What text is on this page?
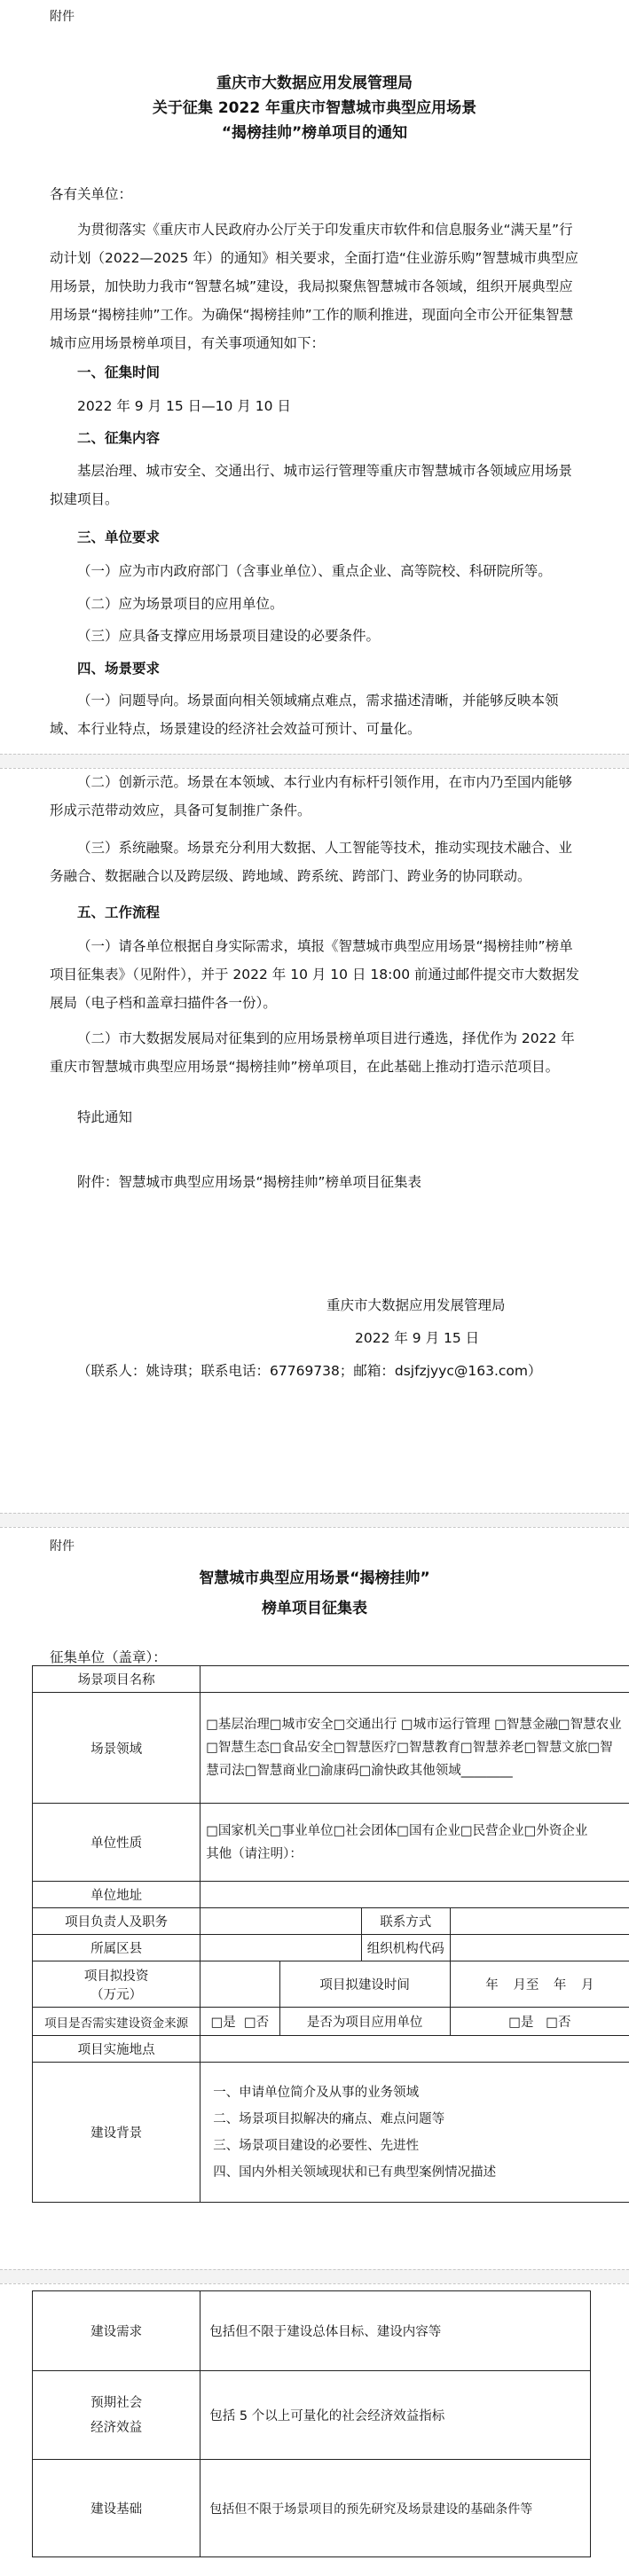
附件
重庆市大数据应用发展管理局
关于征集 2022 年重庆市智慧城市典型应用场景
“揭榜挂帅”榜单项目的通知
各有关单位：
为贯彻落实《重庆市人民政府办公厅关于印发重庆市软件和信息服务业“满天星”行动计划（2022—2025 年）的通知》相关要求，全面打造“住业游乐购”智慧城市典型应用场景，加快助力我市“智慧名城”建设，我局拟聚焦智慧城市各领域，组织开展典型应用场景“揭榜挂帅”工作。为确保“揭榜挂帅”工作的顺利推进，现面向全市公开征集智慧城市应用场景榜单项目，有关事项通知如下：
一、征集时间
2022 年 9 月 15 日—10 月 10 日
二、征集内容
基层治理、城市安全、交通出行、城市运行管理等重庆市智慧城市各领域应用场景拟建项目。
三、单位要求
（一）应为市内政府部门（含事业单位）、重点企业、高等院校、科研院所等。
（二）应为场景项目的应用单位。
（三）应具备支撑应用场景项目建设的必要条件。
四、场景要求
（一）问题导向。场景面向相关领域痛点难点，需求描述清晰，并能够反映本领域、本行业特点，场景建设的经济社会效益可预计、可量化。
（二）创新示范。场景在本领域、本行业内有标杆引领作用，在市内乃至国内能够形成示范带动效应，具备可复制推广条件。
（三）系统融聚。场景充分利用大数据、人工智能等技术，推动实现技术融合、业务融合、数据融合以及跨层级、跨地域、跨系统、跨部门、跨业务的协同联动。
五、工作流程
（一）请各单位根据自身实际需求，填报《智慧城市典型应用场景“揭榜挂帅”榜单项目征集表》（见附件），并于 2022 年 10 月 10 日 18:00 前通过邮件提交市大数据发展局（电子档和盖章扫描件各一份）。
（二）市大数据发展局对征集到的应用场景榜单项目进行遴选，择优作为 2022 年重庆市智慧城市典型应用场景“揭榜挂帅”榜单项目，在此基础上推动打造示范项目。
特此通知
附件：智慧城市典型应用场景“揭榜挂帅”榜单项目征集表
重庆市大数据应用发展管理局
2022 年 9 月 15 日
（联系人：姚诗琪；联系电话：67769738；邮箱：dsjfzjyyc@163.com）
附件
智慧城市典型应用场景“揭榜挂帅”
榜单项目征集表
征集单位（盖章）：
场景项目名称				
场景领域	□基层治理□城市安全□交通出行 □城市运行管理 □智慧金融□智慧农业□智慧生态□食品安全□智慧医疗□智慧教育□智慧养老□智慧文旅□智慧司法□智慧商业□渝康码□渝快政其他领域________			
单位性质	□国家机关□事业单位□社会团体□国有企业□民营企业□外资企业
其他（请注明）：			

单位地址				
项目负责人及职务			联系方式	
所属区县			组织机构代码	

项目拟投资
（万元）		项目拟建设时间		年 月至 年 月
项目是否需实建设资金来源	□是 □否	是否为项目应用单位		□是 □否
项目实施地点				
建设背景	一、申请单位简介及从事的业务领域
二、场景项目拟解决的痛点、难点问题等
三、场景项目建设的必要性、先进性
四、国内外相关领域现状和已有典型案例情况描述			
建设需求	包括但不限于建设总体目标、建设内容等

预期社会
经济效益	包括 5 个以上可量化的社会经济效益指标
建设基础	包括但不限于场景项目的预先研究及场景建设的基础条件等
